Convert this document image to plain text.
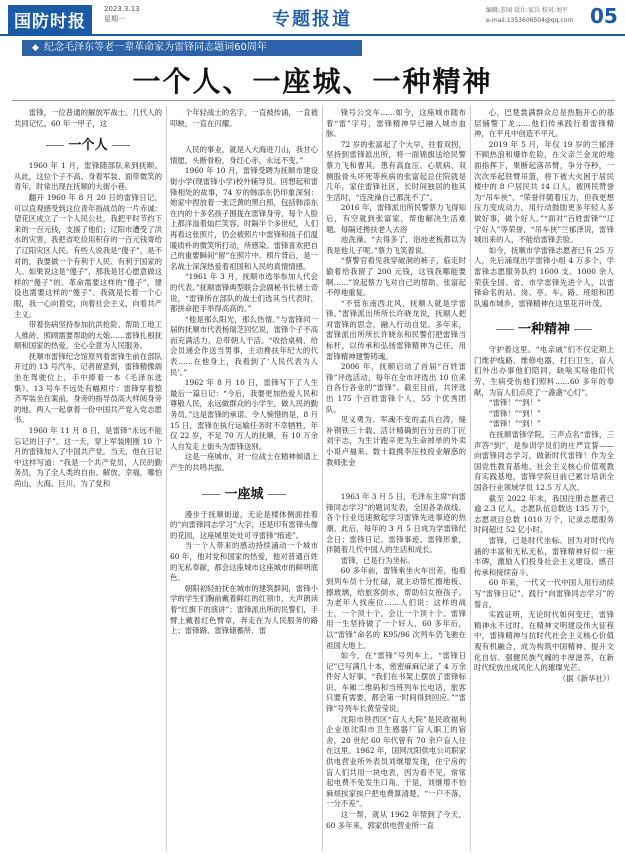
国防时报
2023.3.13
星期一	专题报道	编辑:芳园 设计:家兵 校对:刘平
e-mail:1353606504@qq.com 05
◆ 纪念毛泽东等老一辈革命家为雷锋同志题词60周年
一个人、一座城、一种精神

雷锋，一位普通的解放军战士。几代人的共同记忆。60 年一甲子，这

一个人

1960 年 1 月，雷锋随部队来到抚顺。从此，这位个子不高、身着军装、面带微笑的青年，时常出现在抚顺的大街小巷。

翻开 1960 年 8 月 20 日的雷锋日记，可以直观感受到这位青年指战员的一片赤诚：望花区成立了一个人民公社，我把平时节约下来的一百元钱，支援了他们；辽阳市遭受了洪水的灾害，我把省吃俭用积存的一百元钱寄给了辽阳灾区人民。有些人说我是“傻子”，是不对的，我要做一个有利于人民、有利于国家的人。如果说这是“傻子”，那我是甘心愿意做这样的“傻子”的。革命需要这样的“傻子”，建设也需要这样的“傻子”。我就是长着一个心眼，我一心向着党，向着社会主义，向着共产主义。

带着伤病坚持参加抗洪抢险、帮助工地工人推砖、照顾需要帮助的大娘……雷锋扎根抚顺和国家的热爱，全心全意为人民服务。

抚顺市雷锋纪念馆原列着雷锋生前在部队开过的 13 号汽车。记者留意到，雷锋精像端坐在驾驶位上，手中捧着一本《毛泽东选集》。13 号车不远处有幅照片：雷锋穿着整齐军装坐在案前，身旁的指导员高大样阅身旁的地。两人一起拿着一份中国共产党入党志愿书。

1960 年 11 月 8 日，是雷锋“永远不能忘记的日子”。这一天，穿上军装刚刚 10 个月的雷锋加入了中国共产党。当天，他在日记中这样写道：“我是一个共产党员，人民的勤务员，为了全人类的自由、解放、幸福，哪怕尚山、大海、巨川，为了党和

个年轻战士的名字，一直被传诵，一直被叩映，一直在闪耀。

人民的事业，就是入大海进刀山，我甘心情愿，头断骨粉，身红心赤，永远不变。”

1960 年 10 月，雷锋受聘为抚顺市建设街小学(现雷锋小学)校外辅导员。回想起和雷锋相处的故事，74 岁的韩添东仍印象深刻：她家中捏放着一张泛黄的黑白照，包括韩添东在内的十多名孩子围拢在雷锋身旁，每个人脸上都洋溢着灿烂笑容。时隔半个多世纪，人们再看这张照片，仍会被照片中雷锋和孩子们温暖质朴的微笑所打动，所感染。雷锋喜欢把自己的重要瞬间“留”在照片中。照片背后，是一名战士深深热爱着祖国和人民的真情情感。

“1961 年 3 月，抚顺市选举参加人代会的代表。”抚顺雷锋典型联合会副秘书长褚士奇说，“雷锋所在部队的战士们选其当代表时，都拼命把手举得高高的。”

“他是那么阳光，那么热情。”与雷锋同一届的抚顺市代表杨瑞芝回忆说，雷锋个子不高而充满活力，总带朝人干活。“收拾桌椅、给会员递会作送当男事，主动搀扶年纪大的代表……在他身上，我看到了‘人民代表为人民’。”

1962 年 8 月 10 日，雷锋写下了人生最后一篇日记：“今后，我要更加热爱人民和尊敬人民，永远做群众的小学生，做人民的勤务员。”这是雷锋的承诺。令人惋惜的是，8 月 15 日，雷锋在执行运输任务时不幸牺牲，年仅 22 岁，不足 70 万人的抚顺，有 10 万余人自发走上街头为雷锋送别。

这是一座城市，对一位战士在精神倾谱上产生的共鸣共振。

一座城

漫步于抚顺街道，无论是楼体侧面挂着的“向雷锋同志学习”大字，还是印有雷锋头像的花园，这座城里处处可寻雷锋“痕迹”。

当一个人带来的感动持续涌动一个城市 60 年，他对党和国家的热爱，他对普通百姓的无私奉献，都会这座城市这座城市的鲜明底色。

朝阳初轻拍抚在城市的建筑群间，雷锋小学的学生们胸前戴着鲜红的红领巾，大声朗读着“红旗下的演讲”；雷锋派出所的民警们，手臂上戴着红色臂章，奔走在为人民服务的路上；雷锋路、雷锋储蓄所、雷

锋号公交车……如今，这座城市随布着“雷”字号，雷锋精神早已融入城市血脉。

72 岁的张富起了个大早，拄着双拐，坚持到雷锋派出所，将一面锦旗送给民警蔡力飞和曹其。患有高血压、心肌病、双侧股骨头坏死等疾病的张富起总住院就是几年，家住雷锋社区，长时间独居的他其生活时，“连洗澡自己都洗不了”。

2016 年，雷锋派出所民警蔡力飞得知后，有空就到张富家，帮他解决生活难题。每隔还搀扶老人去浴

池洗澡。“去得多了，浴池老板都以为我是他儿子呢。”蔡力飞笑着说。

“蔡警官看见我穿破洞的裤子，临走时偷着给我留了 200 元钱，这钱我哪能要啊……”说起蔡力飞对自己的帮助，张富起不停地重复。

“不管东南西北风，抚顺人就是学雷锋。”雷锋派出所所长许晓龙说，抚顺人把对雷锋的思念，融入行动自觉。多年来，雷锋派出所所长许晓东和民警们把雷锋当标杆，以传承和弘扬雷锋精神为己任，用雷锋精神建警铸魂。

2006 年，抚顺启动了首届“百姓雷锋”评选活动，每年在全市评选出 10 位来自各行各业的“雷锋”。截至目前，共评选出 175 个百姓雷锋个人，55 个优秀团队。

见义勇为、军魂不变的孟兵白涛，缝补钢铁三十载、活计精确到百分百的丁匠刘宇志，为生计跑辛更为生命掉单的外卖小哥卢福来、数十载携李压枝投业解惑的教师张金

1963 年 3 月 5 日，毛泽东主席“向雷锋同志学习”的题词发表，全国各条战线、各个行业迅速掀起学习雷锋先进事迹的热潮。此后，每年的 3 月 5 日成为学雷锋纪念日；雷锋日记、雷锋事迹、雷锋形象，伴随着几代中国人的生活和成长。

雷锋，已是行为坐标。

60 多年前，雷锋乘坐火车出差，他看到列车员十分忙碌，就主动帮忙擦地板、擦玻璃，给旅客倒水，帮助妇女抱孩子。为老年人找座位……人们说：这样的战士，一个顶十个，会让一个顶十个。雷锋用一生坚持做了一个好人，60 多年后，以“雷锋”命名的 K95/96 次列车仍飞驰在祖国大地上。

如今，在“雷锋”号列车上，“雷锋日记”已写满几十本，密密麻麻记录了 4 万余件好人好事。“我们在书架上摆放了雷锋标识、车厢二维码和当班列车长电话，旅客只要有需要，都会第一时间得到回应。”“雷锋”号列车长黄莹莹说。

沈阳市铁西区“盲人大院”是民政福利企业原沈阳市卫生感器厂盲人职工的宿舍，20 世纪 60 年代曾有 70 余户盲人住在这里。1962 年，国网沈阳供电公司职家供电营业所外表员刘继增发现，住宁房的盲人们共用一块电表，因为看不见，常常起电费不免发生口角。于是，刘继增不怕麻烦挨家挨户把电费算清楚，“一户不落，一分不差”。

这一帮，就从 1962 年帮到了今天，60 多年来，郭家供电营业所一直

心，巴楚裳满群众总是热脂开心的基层铺警丁龙……他们传承践行着雷锋精神，在平凡中创造不平凡。

2019 年 5 月，年仅 19 岁的兰郁泽不顾热浪和爆炸危险，在父亲兰金龙的地面指挥下，果断起落吊臂，争分夺秒，一次次举起铁臂吊篮，将下被大火困于居民楼中的 8 户居民共 14 口人，被网民赞誉为“吊车侠”。“荣誉伴随着压力，但我更想压力变成动力，用行动鼓励更多年轻人多做好事，做个好人。”“面对”百姓雷锋”“辽宁好人”等荣誉，“吊车侠”兰郁泽说，雷锋城出来的人，不能给雷锋丢脸。

如今，抚顺市学雷锋志愿者已有 25 万人，先后涌现出学雷锋小组 4 万多个，学雷锋志愿服务队约 1600 支。1000 余人荣获全国、省、市学雷锋先进个人，以雷锋命名的站、岗、亭、车、路、班组和团队遍布城乡，雷锋精神在这里花开叶茂。

一种精神

守护着这里。“电亲戚”们不仅定期上门维护线路、维修电器，打扫卫生，盲人们外出办事他们陪同，缺啥买啥他们代劳，生病受伤他们照料……60 多年的奉献，为盲人们点亮了一盏盏“心灯”。

“雷锋！”“到！”

“雷锋！”“到！”

“雷锋！”“到！”

在抚顺雷锋学院，三声点名“雷锋，三声答“到”，是参训学员们的庄严宣誓——向雷锋同志学习，做新时代雷锋！作为全国党性教育基地、社会主义核心价值观教育实践基地，雷锋学院目前已累计培训全国各行业领域学员 12.5 万人次。

截至 2022 年末，我国注册志愿者已逾 2.3 亿人，志愿队伍总数达 135 万个，志愿项目总数 1010 万个，记录志愿服务时间超过 52 亿小时。

雷锋，已是时代坐标。因为对时代内涵的丰富和无私无私，雷锋精神好似一座丰碑，激励人们投身社会主义建设，感召传承和接续奋斗。

60 年来，一代又一代中国人用行动续写“雷锋日记”，践行“向雷锋同志学习”的誓言。

实践证明，无论时代如何变迁，雷锋精神永不过时。在精神文明建设伟大征程中，雷锋精神与抗时代社会主义核心价值观有机融合，成为构筑中国精神、提升文化自信、强健民族气魄的丰厚滋养，在新时代绽放出成风化人的璀璨光芒。

（据《新华社》）
